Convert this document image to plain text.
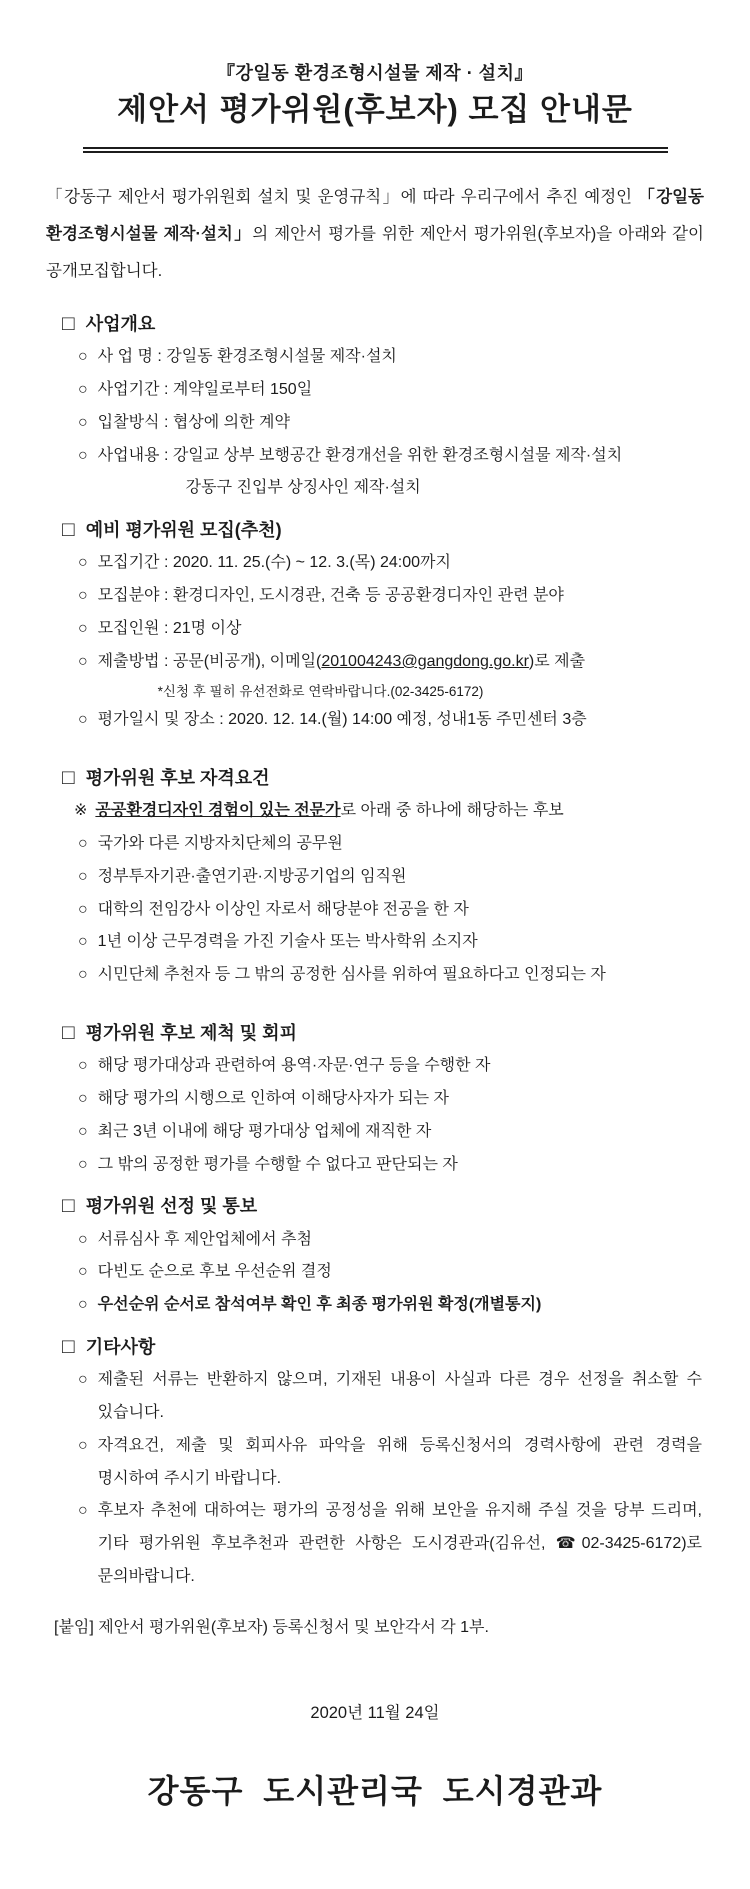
『강일동 환경조형시설물 제작 · 설치』
제안서 평가위원(후보자) 모집 안내문

「강동구 제안서 평가위원회 설치 및 운영규칙」에 따라 우리구에서 추진 예정인 「강일동 환경조형시설물 제작·설치」의 제안서 평가를 위한 제안서 평가위원(후보자)을 아래와 같이 공개모집합니다.

□ 사업개요
○ 사 업 명 : 강일동 환경조형시설물 제작·설치
○ 사업기간 : 계약일로부터 150일
○ 입찰방식 : 협상에 의한 계약
○ 사업내용 : 강일교 상부 보행공간 환경개선을 위한 환경조형시설물 제작·설치
강동구 진입부 상징사인 제작·설치
□ 예비 평가위원 모집(추천)
○ 모집기간 : 2020. 11. 25.(수) ~ 12. 3.(목) 24:00까지
○ 모집분야 : 환경디자인, 도시경관, 건축 등 공공환경디자인 관련 분야
○ 모집인원 : 21명 이상
○ 제출방법 : 공문(비공개), 이메일(201004243@gangdong.go.kr)로 제출
*신청 후 필히 유선전화로 연락바랍니다.(02-3425-6172)
○ 평가일시 및 장소 : 2020. 12. 14.(월) 14:00 예정, 성내1동 주민센터 3층
□ 평가위원 후보 자격요건
※ 공공환경디자인 경험이 있는 전문가로 아래 중 하나에 해당하는 후보
○ 국가와 다른 지방자치단체의 공무원
○ 정부투자기관·출연기관·지방공기업의 임직원
○ 대학의 전임강사 이상인 자로서 해당분야 전공을 한 자
○ 1년 이상 근무경력을 가진 기술사 또는 박사학위 소지자
○ 시민단체 추천자 등 그 밖의 공정한 심사를 위하여 필요하다고 인정되는 자
□ 평가위원 후보 제척 및 회피
○ 해당 평가대상과 관련하여 용역·자문·연구 등을 수행한 자
○ 해당 평가의 시행으로 인하여 이해당사자가 되는 자
○ 최근 3년 이내에 해당 평가대상 업체에 재직한 자
○ 그 밖의 공정한 평가를 수행할 수 없다고 판단되는 자
□ 평가위원 선정 및 통보
○ 서류심사 후 제안업체에서 추첨
○ 다빈도 순으로 후보 우선순위 결정
○ 우선순위 순서로 참석여부 확인 후 최종 평가위원 확정(개별통지)
□ 기타사항
○ 제출된 서류는 반환하지 않으며, 기재된 내용이 사실과 다른 경우 선정을 취소할 수 있습니다.
○ 자격요건, 제출 및 회피사유 파악을 위해 등록신청서의 경력사항에 관련 경력을 명시하여 주시기 바랍니다.
○ 후보자 추천에 대하여는 평가의 공정성을 위해 보안을 유지해 주실 것을 당부 드리며, 기타 평가위원 후보추천과 관련한 사항은 도시경관과(김유선, ☎02-3425-6172)로 문의바랍니다.
[붙임] 제안서 평가위원(후보자) 등록신청서 및 보안각서 각 1부.
2020년 11월 24일
강동구 도시관리국 도시경관과
